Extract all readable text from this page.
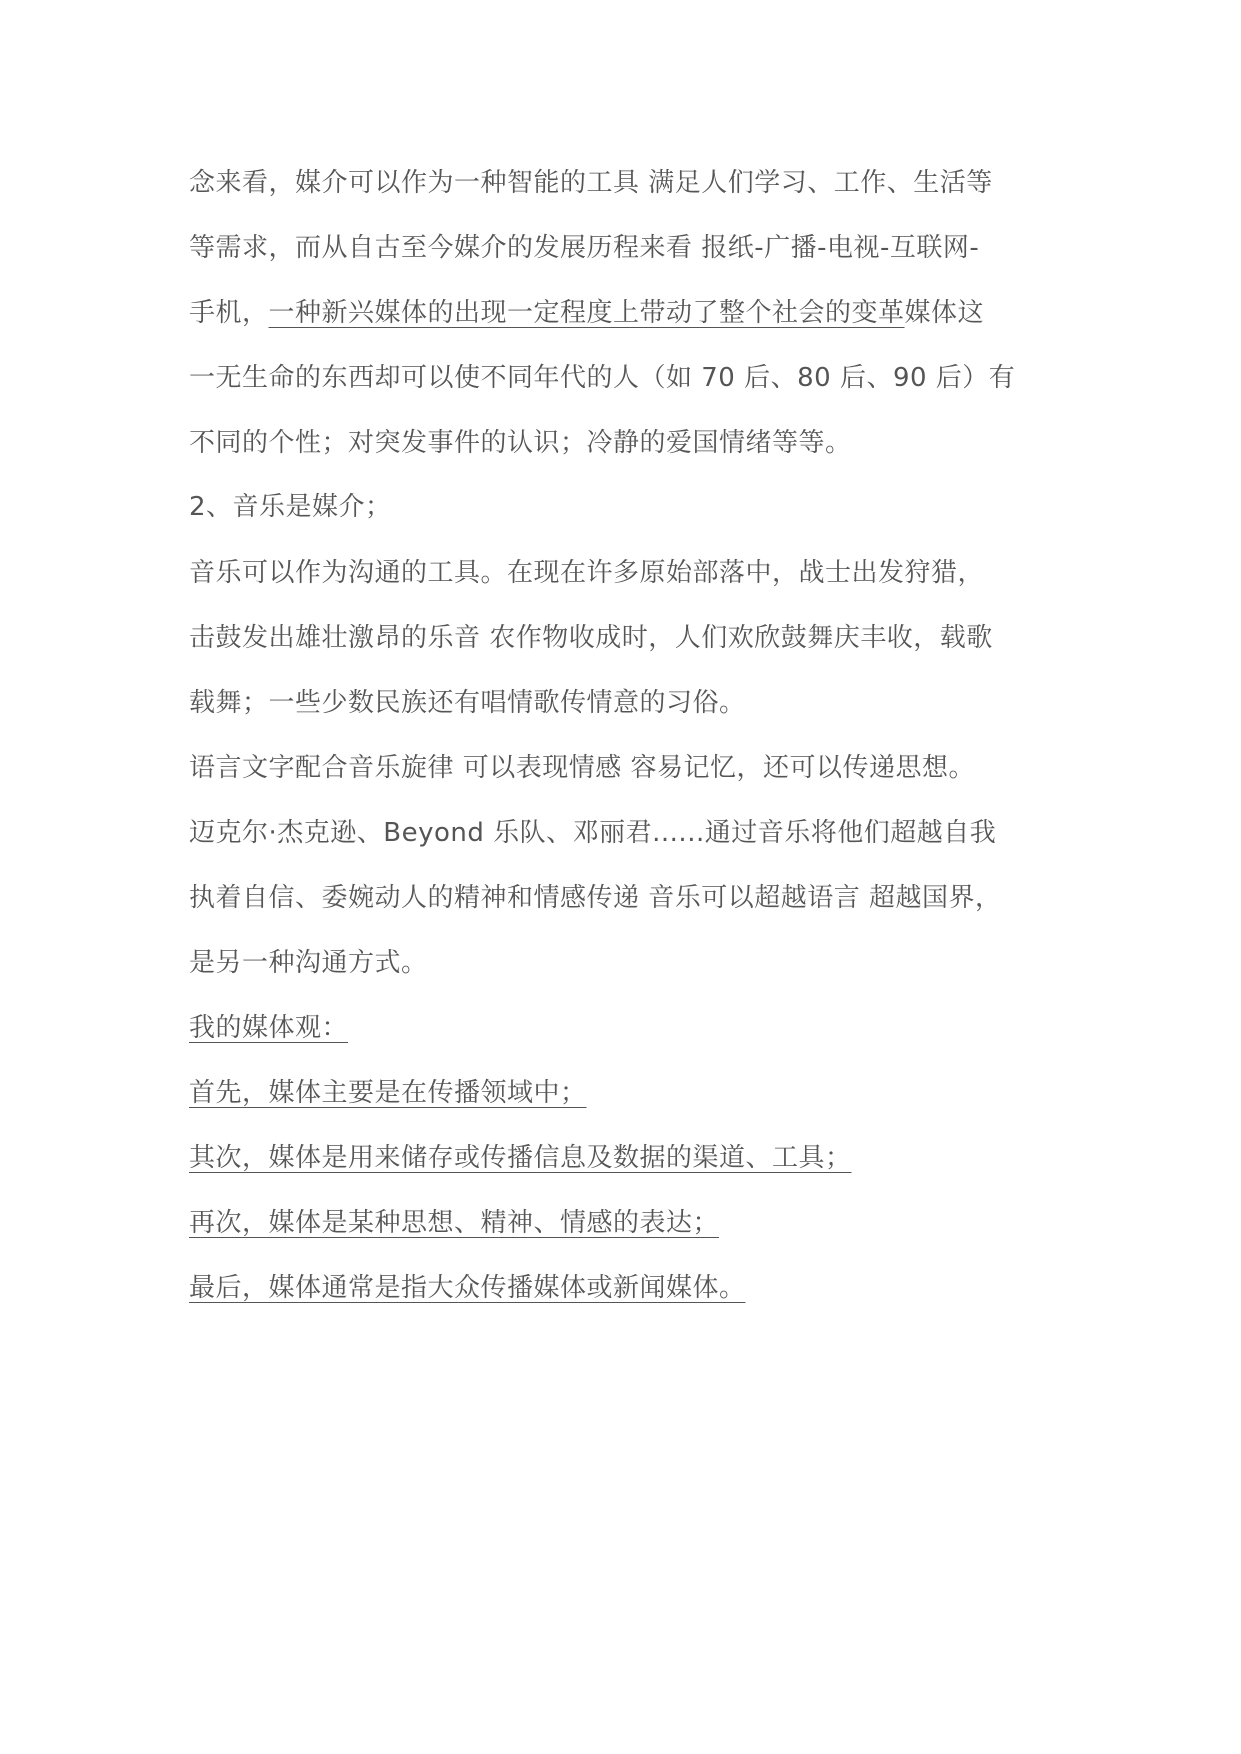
念来看，媒介可以作为一种智能的工具 满足人们学习、工作、生活等
等需求，而从自古至今媒介的发展历程来看 报纸-广播-电视-互联网-
手机，一种新兴媒体的出现一定程度上带动了整个社会的变革媒体这
一无生命的东西却可以使不同年代的人（如 70 后、80 后、90 后）有
不同的个性；对突发事件的认识；冷静的爱国情绪等等。
2、音乐是媒介；
音乐可以作为沟通的工具。在现在许多原始部落中，战士出发狩猎，
击鼓发出雄壮激昂的乐音 农作物收成时，人们欢欣鼓舞庆丰收，载歌
载舞；一些少数民族还有唱情歌传情意的习俗。
语言文字配合音乐旋律 可以表现情感 容易记忆，还可以传递思想。
迈克尔·杰克逊、Beyond 乐队、邓丽君......通过音乐将他们超越自我
执着自信、委婉动人的精神和情感传递 音乐可以超越语言 超越国界，
是另一种沟通方式。
我的媒体观：
首先，媒体主要是在传播领域中；
其次，媒体是用来储存或传播信息及数据的渠道、工具；
再次，媒体是某种思想、精神、情感的表达；
最后，媒体通常是指大众传播媒体或新闻媒体。
